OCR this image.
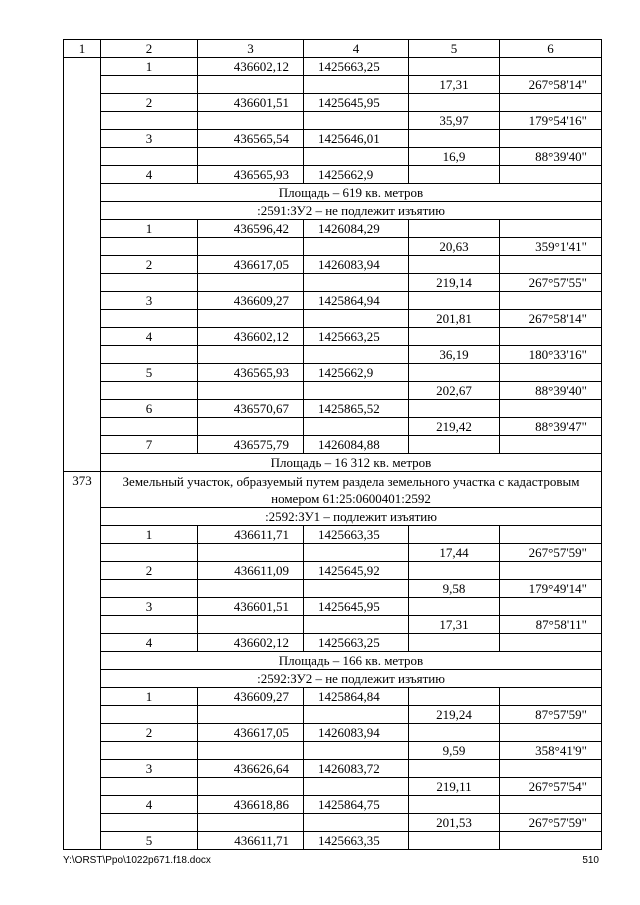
1	2	3	4	5	6
	1	436602,12	1425663,25		
				17,31	267°58'14"
	2	436601,51	1425645,95		
				35,97	179°54'16"
	3	436565,54	1425646,01		
				16,9	88°39'40"
	4	436565,93	1425662,9		
	Площадь – 619 кв. метров				
	:2591:ЗУ2 – не подлежит изъятию				
	1	436596,42	1426084,29		
				20,63	359°1'41"
	2	436617,05	1426083,94		
				219,14	267°57'55"
	3	436609,27	1425864,94		
				201,81	267°58'14"
	4	436602,12	1425663,25		
				36,19	180°33'16"
	5	436565,93	1425662,9		
				202,67	88°39'40"
	6	436570,67	1425865,52		
				219,42	88°39'47"
	7	436575,79	1426084,88		
	Площадь – 16 312 кв. метров				
373	Земельный участок, образуемый путем раздела земельного участка с кадастровым номером 61:25:0600401:2592				
	:2592:ЗУ1 – подлежит изъятию				
	1	436611,71	1425663,35		
				17,44	267°57'59"
	2	436611,09	1425645,92		
				9,58	179°49'14"
	3	436601,51	1425645,95		
				17,31	87°58'11"
	4	436602,12	1425663,25		
	Площадь – 166 кв. метров				
	:2592:ЗУ2 – не подлежит изъятию				
	1	436609,27	1425864,84		
				219,24	87°57'59"
	2	436617,05	1426083,94		
				9,59	358°41'9"
	3	436626,64	1426083,72		
				219,11	267°57'54"
	4	436618,86	1425864,75		
				201,53	267°57'59"
	5	436611,71	1425663,35		
Y:\ORST\Ppo\1022p671.f18.docx	510
